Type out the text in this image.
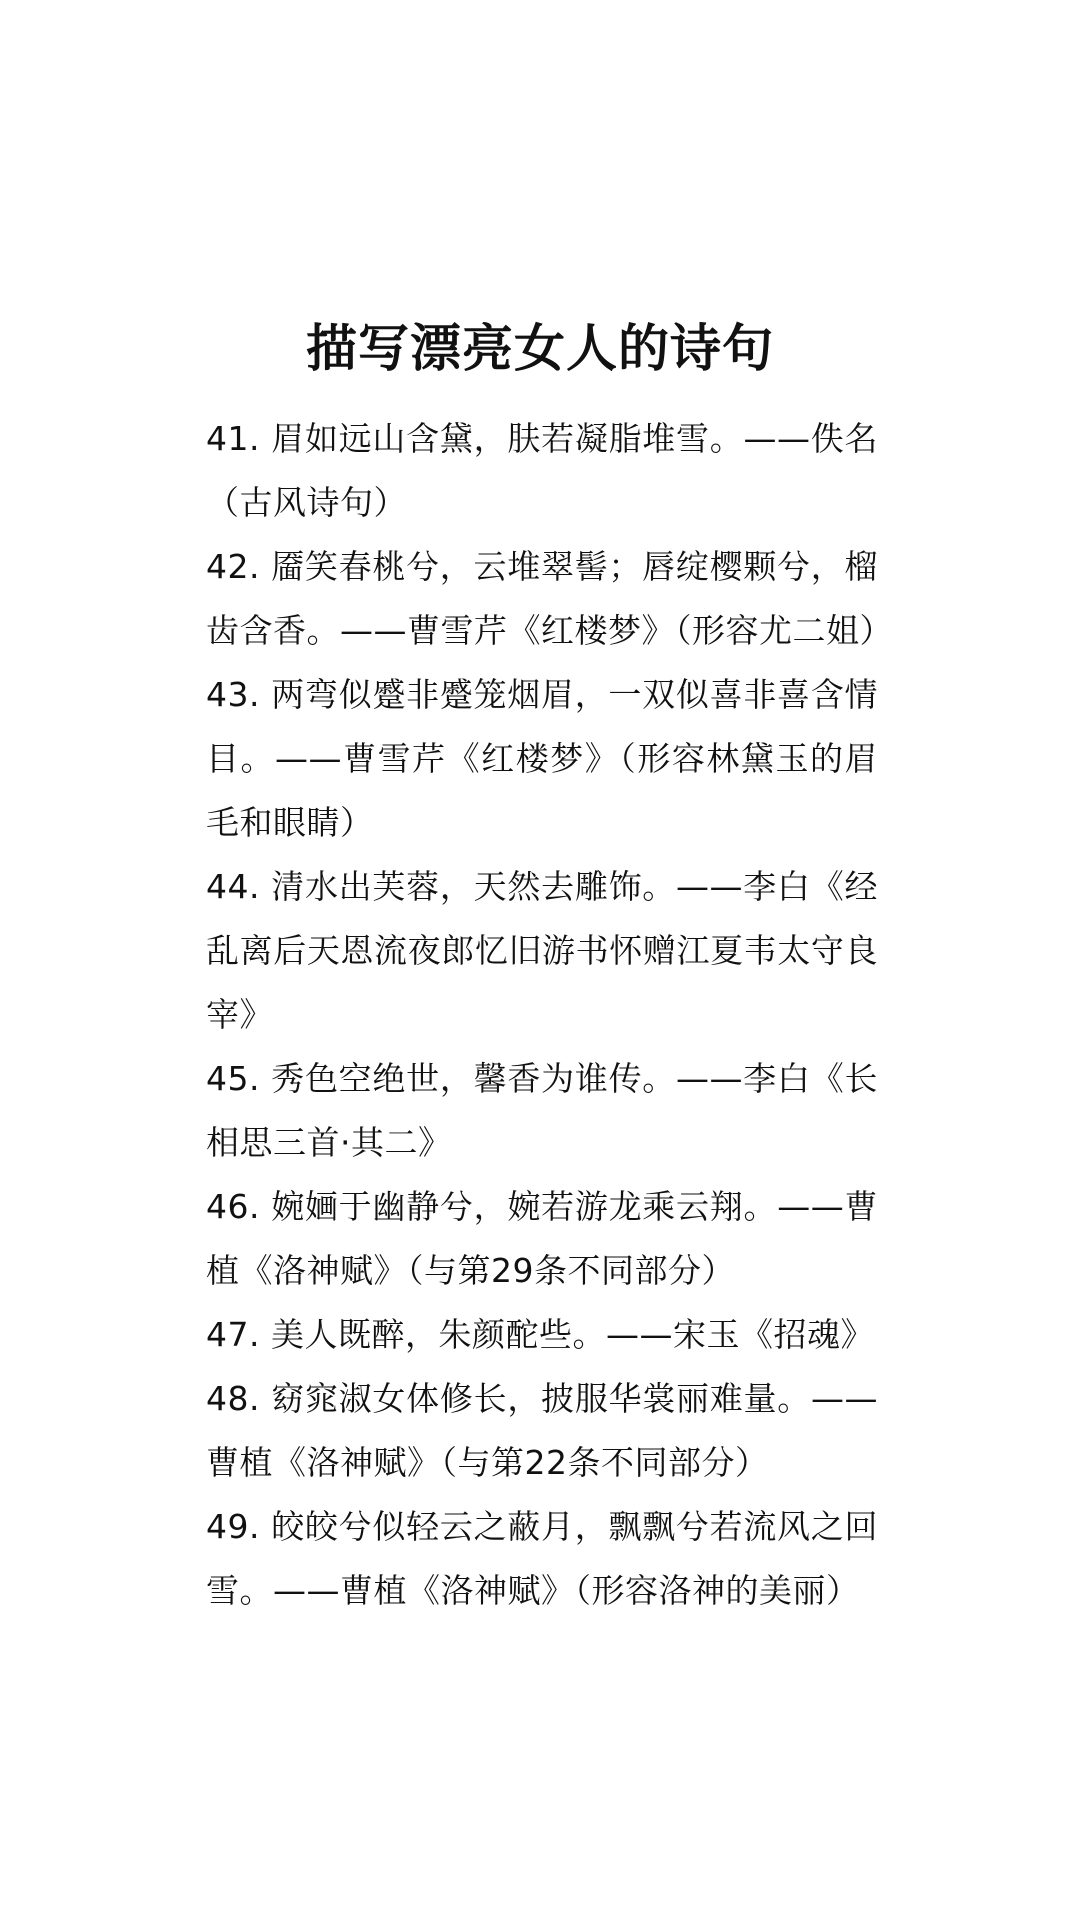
描写漂亮女人的诗句
41. 眉如远山含黛，肤若凝脂堆雪。——佚名（古风诗句）
42. 靥笑春桃兮，云堆翠髻；唇绽樱颗兮，榴齿含香。——曹雪芹《红楼梦》（形容尤二姐）
43. 两弯似蹙非蹙笼烟眉，一双似喜非喜含情目。——曹雪芹《红楼梦》（形容林黛玉的眉毛和眼睛）
44. 清水出芙蓉，天然去雕饰。——李白《经乱离后天恩流夜郎忆旧游书怀赠江夏韦太守良宰》
45. 秀色空绝世，馨香为谁传。——李白《长相思三首·其二》
46. 婉婳于幽静兮，婉若游龙乘云翔。——曹植《洛神赋》（与第29条不同部分）
47. 美人既醉，朱颜酡些。——宋玉《招魂》
48. 窈窕淑女体修长，披服华裳丽难量。——曹植《洛神赋》（与第22条不同部分）
49. 皎皎兮似轻云之蔽月，飘飘兮若流风之回雪。——曹植《洛神赋》（形容洛神的美丽）
